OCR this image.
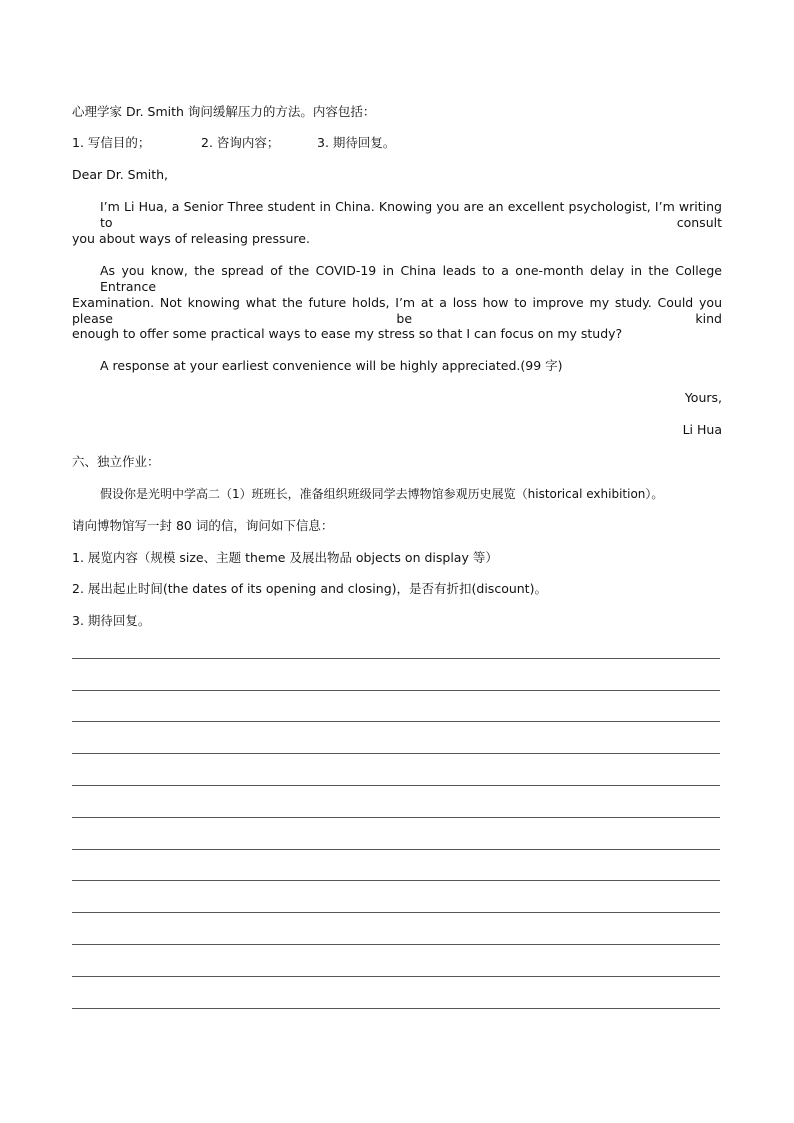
心理学家 Dr. Smith 询问缓解压力的方法。内容包括：
1. 写信目的；	2. 咨询内容；	3. 期待回复。
Dear Dr. Smith,
I’m Li Hua, a Senior Three student in China. Knowing you are an excellent psychologist, I’m writing to consult
you about ways of releasing pressure.
As you know, the spread of the COVID-19 in China leads to a one-month delay in the College Entrance
Examination. Not knowing what the future holds, I’m at a loss how to improve my study. Could you please be kind
enough to offer some practical ways to ease my stress so that I can focus on my study?
A response at your earliest convenience will be highly appreciated.(99 字)
Yours,
Li Hua
六、独立作业：
假设你是光明中学高二（1）班班长，准备组织班级同学去博物馆参观历史展览（historical exhibition）。
请向博物馆写一封 80 词的信，询问如下信息：
1. 展览内容（规模 size、主题 theme 及展出物品 objects on display 等）
2. 展出起止时间(the dates of its opening and closing)，是否有折扣(discount)。
3. 期待回复。
